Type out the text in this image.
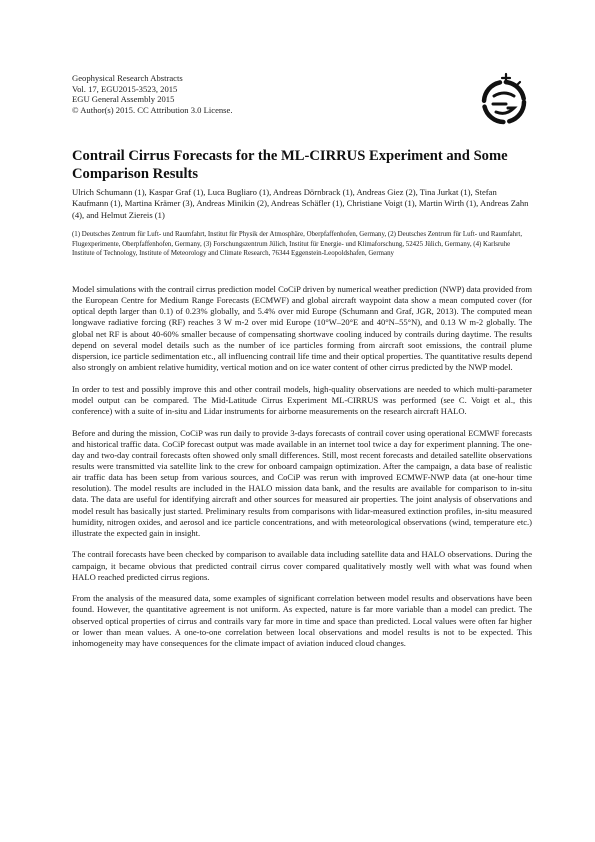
Geophysical Research Abstracts
Vol. 17, EGU2015-3523, 2015
EGU General Assembly 2015
© Author(s) 2015. CC Attribution 3.0 License.
Contrail Cirrus Forecasts for the ML-CIRRUS Experiment and Some Comparison Results
Ulrich Schumann (1), Kaspar Graf (1), Luca Bugliaro (1), Andreas Dörnbrack (1), Andreas Giez (2), Tina Jurkat (1), Stefan Kaufmann (1), Martina Krämer (3), Andreas Minikin (2), Andreas Schäfler (1), Christiane Voigt (1), Martin Wirth (1), Andreas Zahn (4), and Helmut Ziereis (1)
(1) Deutsches Zentrum für Luft- und Raumfahrt, Institut für Physik der Atmosphäre, Oberpfaffenhofen, Germany, (2) Deutsches Zentrum für Luft- und Raumfahrt, Flugexperimente, Oberpfaffenhofen, Germany, (3) Forschungszentrum Jülich, Institut für Energie- und Klimaforschung, 52425 Jülich, Germany, (4) Karlsruhe Institute of Technology, Institute of Meteorology and Climate Research, 76344 Eggenstein-Leopoldshafen, Germany

Model simulations with the contrail cirrus prediction model CoCiP driven by numerical weather prediction (NWP) data provided from the European Centre for Medium Range Forecasts (ECMWF) and global aircraft waypoint data show a mean computed cover (for optical depth larger than 0.1) of 0.23% globally, and 5.4% over mid Europe (Schumann and Graf, JGR, 2013). The computed mean longwave radiative forcing (RF) reaches 3 W m-2 over mid Europe (10°W–20°E and 40°N–55°N), and 0.13 W m-2 globally. The global net RF is about 40-60% smaller because of compensating shortwave cooling induced by contrails during daytime. The results depend on several model details such as the number of ice particles forming from aircraft soot emissions, the contrail plume dispersion, ice particle sedimentation etc., all influencing contrail life time and their optical properties. The quantitative results depend also strongly on ambient relative humidity, vertical motion and on ice water content of other cirrus predicted by the NWP model.

In order to test and possibly improve this and other contrail models, high-quality observations are needed to which multi-parameter model output can be compared. The Mid-Latitude Cirrus Experiment ML-CIRRUS was performed (see C. Voigt et al., this conference) with a suite of in-situ and Lidar instruments for airborne measurements on the research aircraft HALO.

Before and during the mission, CoCiP was run daily to provide 3-days forecasts of contrail cover using operational ECMWF forecasts and historical traffic data. CoCiP forecast output was made available in an internet tool twice a day for experiment planning. The one-day and two-day contrail forecasts often showed only small differences. Still, most recent forecasts and detailed satellite observations results were transmitted via satellite link to the crew for onboard campaign optimization. After the campaign, a data base of realistic air traffic data has been setup from various sources, and CoCiP was rerun with improved ECMWF-NWP data (at one-hour time resolution). The model results are included in the HALO mission data bank, and the results are available for comparison to in-situ data. The data are useful for identifying aircraft and other sources for measured air properties. The joint analysis of observations and model result has basically just started. Preliminary results from comparisons with lidar-measured extinction profiles, in-situ measured humidity, nitrogen oxides, and aerosol and ice particle concentrations, and with meteorological observations (wind, temperature etc.) illustrate the expected gain in insight.

The contrail forecasts have been checked by comparison to available data including satellite data and HALO observations. During the campaign, it became obvious that predicted contrail cirrus cover compared qualitatively mostly well with what was found when HALO reached predicted cirrus regions.

From the analysis of the measured data, some examples of significant correlation between model results and observations have been found. However, the quantitative agreement is not uniform. As expected, nature is far more variable than a model can predict. The observed optical properties of cirrus and contrails vary far more in time and space than predicted. Local values were often far higher or lower than mean values. A one-to-one correlation between local observations and model results is not to be expected. This inhomogeneity may have consequences for the climate impact of aviation induced cloud changes.
